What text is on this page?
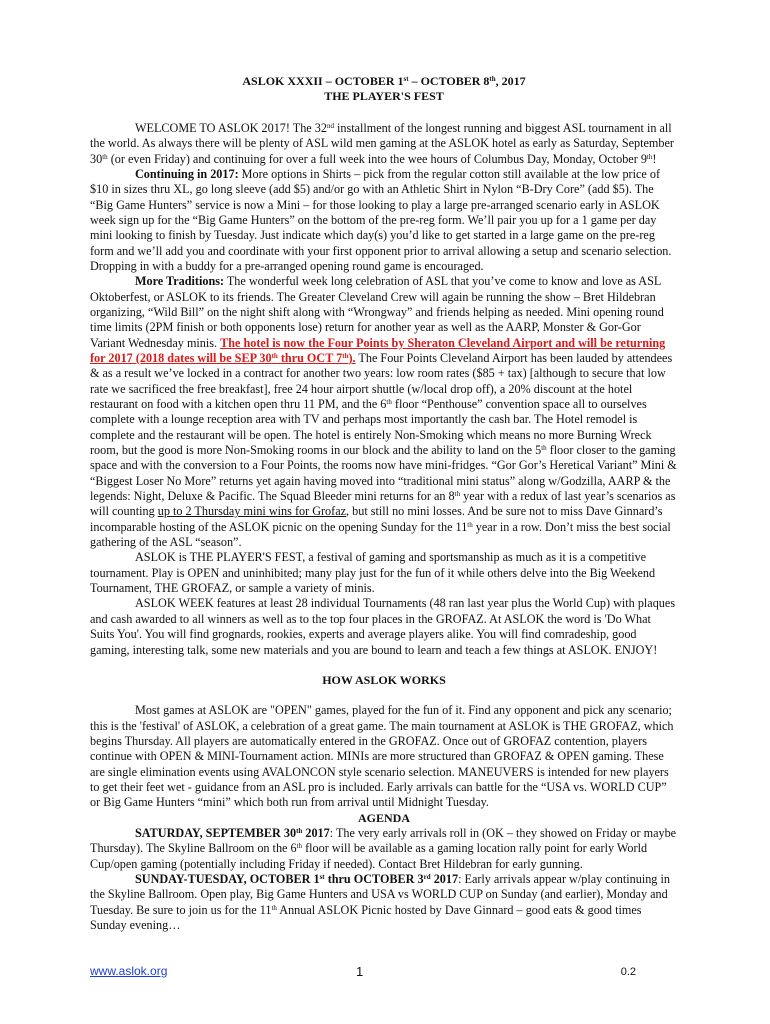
ASLOK XXXII – OCTOBER 1st – OCTOBER 8th, 2017
THE PLAYER'S FEST

WELCOME TO ASLOK 2017! The 32nd installment of the longest running and biggest ASL tournament in all the world. As always there will be plenty of ASL wild men gaming at the ASLOK hotel as early as Saturday, September 30th (or even Friday) and continuing for over a full week into the wee hours of Columbus Day, Monday, October 9th!

Continuing in 2017: More options in Shirts – pick from the regular cotton still available at the low price of $10 in sizes thru XL, go long sleeve (add $5) and/or go with an Athletic Shirt in Nylon “B-Dry Core” (add $5). The “Big Game Hunters” service is now a Mini – for those looking to play a large pre-arranged scenario early in ASLOK week sign up for the “Big Game Hunters” on the bottom of the pre-reg form. We’ll pair you up for a 1 game per day mini looking to finish by Tuesday. Just indicate which day(s) you’d like to get started in a large game on the pre-reg form and we’ll add you and coordinate with your first opponent prior to arrival allowing a setup and scenario selection. Dropping in with a buddy for a pre-arranged opening round game is encouraged.

More Traditions: The wonderful week long celebration of ASL that you’ve come to know and love as ASL Oktoberfest, or ASLOK to its friends. The Greater Cleveland Crew will again be running the show – Bret Hildebran organizing, “Wild Bill” on the night shift along with “Wrongway” and friends helping as needed. Mini opening round time limits (2PM finish or both opponents lose) return for another year as well as the AARP, Monster & Gor-Gor Variant Wednesday minis. The hotel is now the Four Points by Sheraton Cleveland Airport and will be returning for 2017 (2018 dates will be SEP 30th thru OCT 7th). The Four Points Cleveland Airport has been lauded by attendees & as a result we’ve locked in a contract for another two years: low room rates ($85 + tax) [although to secure that low rate we sacrificed the free breakfast], free 24 hour airport shuttle (w/local drop off), a 20% discount at the hotel restaurant on food with a kitchen open thru 11 PM, and the 6th floor “Penthouse” convention space all to ourselves complete with a lounge reception area with TV and perhaps most importantly the cash bar. The Hotel remodel is complete and the restaurant will be open. The hotel is entirely Non-Smoking which means no more Burning Wreck room, but the good is more Non-Smoking rooms in our block and the ability to land on the 5th floor closer to the gaming space and with the conversion to a Four Points, the rooms now have mini-fridges. “Gor Gor’s Heretical Variant” Mini & “Biggest Loser No More” returns yet again having moved into “traditional mini status” along w/Godzilla, AARP & the legends: Night, Deluxe & Pacific. The Squad Bleeder mini returns for an 8th year with a redux of last year’s scenarios as will counting up to 2 Thursday mini wins for Grofaz, but still no mini losses. And be sure not to miss Dave Ginnard’s incomparable hosting of the ASLOK picnic on the opening Sunday for the 11th year in a row. Don’t miss the best social gathering of the ASL “season”.

ASLOK is THE PLAYER'S FEST, a festival of gaming and sportsmanship as much as it is a competitive tournament. Play is OPEN and uninhibited; many play just for the fun of it while others delve into the Big Weekend Tournament, THE GROFAZ, or sample a variety of minis.

ASLOK WEEK features at least 28 individual Tournaments (48 ran last year plus the World Cup) with plaques and cash awarded to all winners as well as to the top four places in the GROFAZ. At ASLOK the word is 'Do What Suits You'. You will find grognards, rookies, experts and average players alike. You will find comradeship, good gaming, interesting talk, some new materials and you are bound to learn and teach a few things at ASLOK. ENJOY!

HOW ASLOK WORKS

Most games at ASLOK are "OPEN" games, played for the fun of it. Find any opponent and pick any scenario; this is the 'festival' of ASLOK, a celebration of a great game. The main tournament at ASLOK is THE GROFAZ, which begins Thursday. All players are automatically entered in the GROFAZ. Once out of GROFAZ contention, players continue with OPEN & MINI-Tournament action. MINIs are more structured than GROFAZ & OPEN gaming. These are single elimination events using AVALONCON style scenario selection. MANEUVERS is intended for new players to get their feet wet - guidance from an ASL pro is included. Early arrivals can battle for the “USA vs. WORLD CUP” or Big Game Hunters “mini” which both run from arrival until Midnight Tuesday.

AGENDA

SATURDAY, SEPTEMBER 30th 2017: The very early arrivals roll in (OK – they showed on Friday or maybe Thursday). The Skyline Ballroom on the 6th floor will be available as a gaming location rally point for early World Cup/open gaming (potentially including Friday if needed). Contact Bret Hildebran for early gunning.

SUNDAY-TUESDAY, OCTOBER 1st thru OCTOBER 3rd 2017: Early arrivals appear w/play continuing in the Skyline Ballroom. Open play, Big Game Hunters and USA vs WORLD CUP on Sunday (and earlier), Monday and Tuesday. Be sure to join us for the 11th Annual ASLOK Picnic hosted by Dave Ginnard – good eats & good times Sunday evening…

www.aslok.org	1	0.2
